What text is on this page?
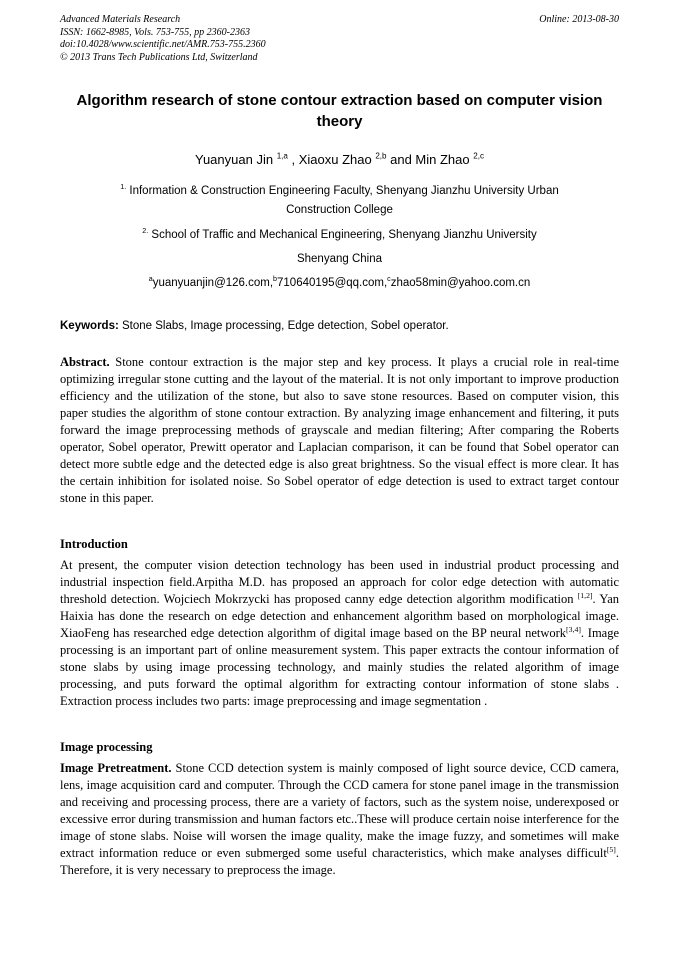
Advanced Materials Research	Online: 2013-08-30
ISSN: 1662-8985, Vols. 753-755, pp 2360-2363
doi:10.4028/www.scientific.net/AMR.753-755.2360
© 2013 Trans Tech Publications Ltd, Switzerland
Algorithm research of stone contour extraction based on computer vision theory
Yuanyuan Jin $^{1,a}$ , Xiaoxu Zhao $^{2,b}$ and Min Zhao $^{2,c}$
$^{1.}$ Information & Construction Engineering Faculty, Shenyang Jianzhu University Urban Construction College
$^{2.}$ School of Traffic and Mechanical Engineering, Shenyang Jianzhu University
Shenyang China
$^a$yuanyuanjin@126.com,$^b$710640195@qq.com,$^c$zhao58min@yahoo.com.cn
Keywords: Stone Slabs, Image processing, Edge detection, Sobel operator.

Abstract. Stone contour extraction is the major step and key process. It plays a crucial role in real-time optimizing irregular stone cutting and the layout of the material. It is not only important to improve production efficiency and the utilization of the stone, but also to save stone resources. Based on computer vision, this paper studies the algorithm of stone contour extraction. By analyzing image enhancement and filtering, it puts forward the image preprocessing methods of grayscale and median filtering; After comparing the Roberts operator, Sobel operator, Prewitt operator and Laplacian comparison, it can be found that Sobel operator can detect more subtle edge and the detected edge is also great brightness. So the visual effect is more clear. It has the certain inhibition for isolated noise. So Sobel operator of edge detection is used to extract target contour stone in this paper.

Introduction

At present, the computer vision detection technology has been used in industrial product processing and industrial inspection field.Arpitha M.D. has proposed an approach for color edge detection with automatic threshold detection. Wojciech Mokrzycki has proposed canny edge detection algorithm modification [1,2]. Yan Haixia has done the research on edge detection and enhancement algorithm based on morphological image. XiaoFeng has researched edge detection algorithm of digital image based on the BP neural network[3,4]. Image processing is an important part of online measurement system. This paper extracts the contour information of stone slabs by using image processing technology, and mainly studies the related algorithm of image processing, and puts forward the optimal algorithm for extracting contour information of stone slabs . Extraction process includes two parts: image preprocessing and image segmentation .

Image processing

Image Pretreatment. Stone CCD detection system is mainly composed of light source device, CCD camera, lens, image acquisition card and computer. Through the CCD camera for stone panel image in the transmission and receiving and processing process, there are a variety of factors, such as the system noise, underexposed or excessive error during transmission and human factors etc..These will produce certain noise interference for the image of stone slabs. Noise will worsen the image quality, make the image fuzzy, and sometimes will make extract information reduce or even submerged some useful characteristics, which make analyses difficult[5]. Therefore, it is very necessary to preprocess the image.
